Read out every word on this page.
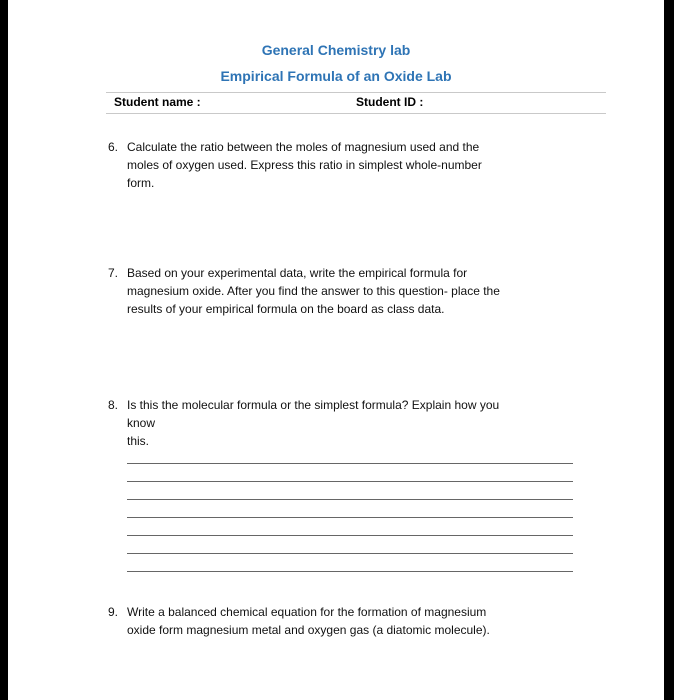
General Chemistry lab
Empirical Formula of an Oxide Lab
Student name :	Student ID :
6. Calculate the ratio between the moles of magnesium used and the
moles of oxygen used. Express this ratio in simplest whole-number
form.
7. Based on your experimental data, write the empirical formula for
magnesium oxide. After you find the answer to this question- place the
results of your empirical formula on the board as class data.
8. Is this the molecular formula or the simplest formula? Explain how you
know
this.
9. Write a balanced chemical equation for the formation of magnesium
oxide form magnesium metal and oxygen gas (a diatomic molecule).
